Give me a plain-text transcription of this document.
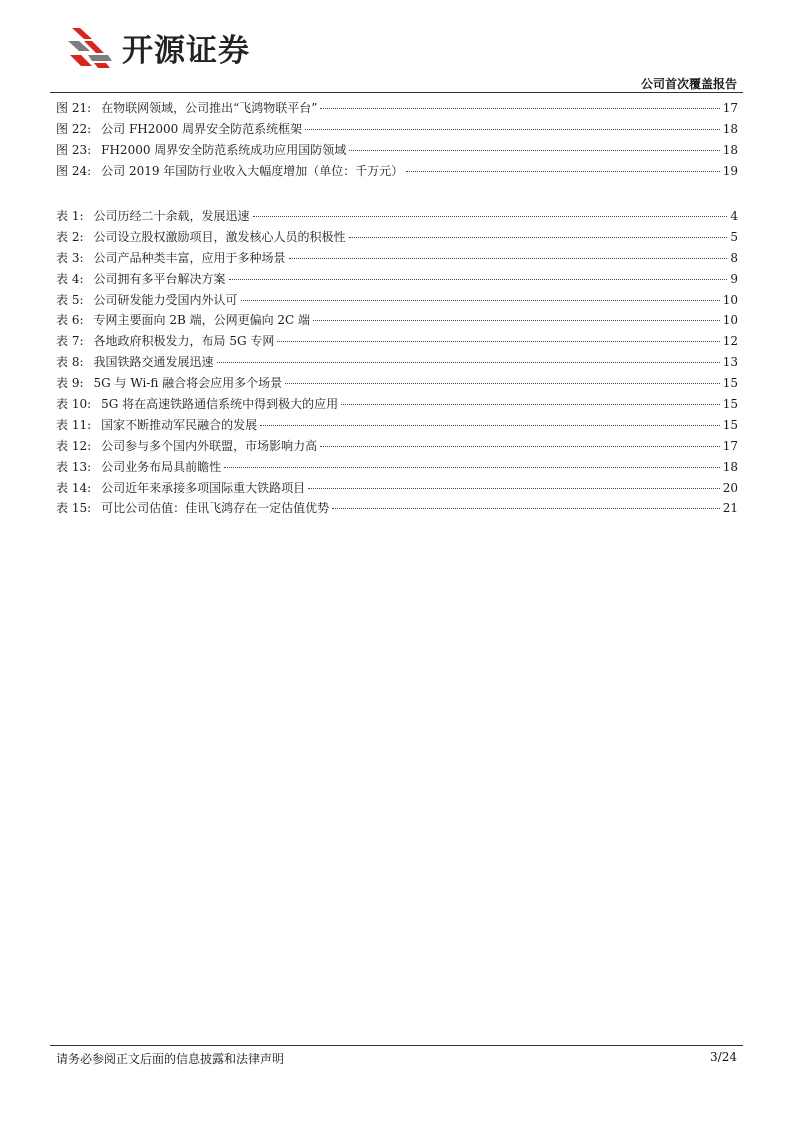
开源证券
公司首次覆盖报告
图 21: 在物联网领域，公司推出“飞鸿物联平台”	17
图 22: 公司 FH2000 周界安全防范系统框架	18
图 23: FH2000 周界安全防范系统成功应用国防领域	18
图 24: 公司 2019 年国防行业收入大幅度增加（单位：千万元）	19
表 1: 公司历经二十余载，发展迅速	4
表 2: 公司设立股权激励项目，激发核心人员的积极性	5
表 3: 公司产品种类丰富，应用于多种场景	8
表 4: 公司拥有多平台解决方案	9
表 5: 公司研发能力受国内外认可	10
表 6: 专网主要面向 2B 端，公网更偏向 2C 端	10
表 7: 各地政府积极发力，布局 5G 专网	12
表 8: 我国铁路交通发展迅速	13
表 9: 5G 与 Wi-fi 融合将会应用多个场景	15
表 10: 5G 将在高速铁路通信系统中得到极大的应用	15
表 11: 国家不断推动军民融合的发展	15
表 12: 公司参与多个国内外联盟，市场影响力高	17
表 13: 公司业务布局具前瞻性	18
表 14: 公司近年来承接多项国际重大铁路项目	20
表 15: 可比公司估值：佳讯飞鸿存在一定估值优势	21
请务必参阅正文后面的信息披露和法律声明	3/24
